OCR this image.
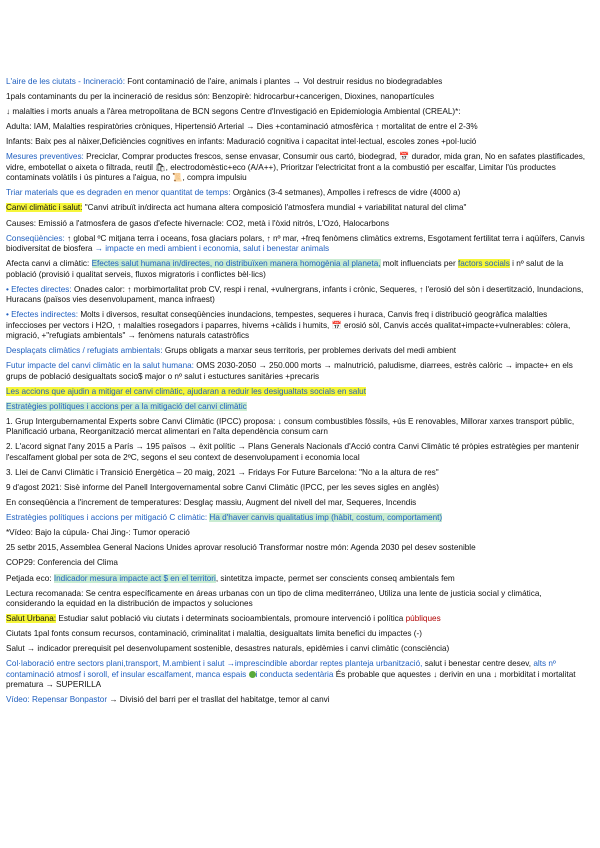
L'aire de les ciutats - Incineració: Font contaminació de l'aire, animals i plantes → Vol destruir residus no biodegradables

1pals contaminants du per la incineració de residus són: Benzopirè: hidrocarbur+cancerigen, Dioxines, nanopartícules

↓ malalties i morts anuals a l'àrea metropolitana de BCN segons Centre d'Investigació en Epidemiologia Ambiental (CREAL)*:

Adulta: IAM, Malalties respiratòries cròniques, Hipertensió Arterial → Dies +contaminació atmosfèrica ↑ mortalitat de entre el 2-3%

Infants: Baix pes al nàixer,Deficiències cognitives en infants: Maduració cognitiva i capacitat intel·lectual, escoles zones +pol·lució

Mesures preventives: Preciclar, Comprar productes frescos, sense envasar, Consumir ous cartó, biodegrad, 📅 durador, mida gran, No en safates plastificades, vidre, embotellat o aixeta o filtrada, reutil 🛍, electrodomèstic+eco (A/A++), Prioritzar l'electricitat front a la combustió per escalfar, Limitar l'ús productes contaminats volàtils i ús pintures a l'aigua, no 📜, compra impulsiu

Triar materials que es degraden en menor quantitat de temps: Orgànics (3-4 setmanes), Ampolles i refrescs de vidre (4000 a)

Canvi climàtic i salut: "Canvi atribuït in/directa act humana altera composició l'atmosfera mundial + variabilitat natural del clima"

Causes: Emissió a l'atmosfera de gasos d'efecte hivernacle: CO2, metà i l'òxid nitrós, L'Ozó, Halocarbons

Conseqüències: ↑ global ºC mitjana terra i oceans, fosa glaciars polars, ↑ nº mar, +freq fenòmens climàtics extrems, Esgotament fertilitat terra i aqüífers, Canvis biodiversitat de biosfera → impacte en medi ambient i economia, salut i benestar animals

Afecta canvi a climàtic: Efectes salut humana in/directes, no distribuïxen manera homogènia al planeta, molt influenciats per factors socials i nº salut de la població (provisió i qualitat serveis, fluxos migratoris i conflictes bèl·lics)

• Efectes directes: Onades calor: ↑ morbimortalitat prob CV, respi i renal, +vulnergrans, infants i crònic, Sequeres, ↑ l'erosió del sòn i desertització, Inundacions, Huracans (països vies desenvolupament, manca infraest)

• Efectes indirectes: Molts i diversos, resultat conseqüències inundacions, tempestes, sequeres i huraca, Canvis freq i distribució geogràfica malalties infeccioses per vectors i H2O, ↑ malalties rosegadors i paparres, hiverns +càlids i humits, 📅 erosió sòl, Canvis accés qualitat+impacte+vulnerables: còlera, migració, +"refugiats ambientals" → fenòmens naturals catastròfics

Desplaçats climàtics / refugiats ambientals: Grups obligats a marxar seus territoris, per problemes derivats del medi ambient

Futur impacte del canvi climàtic en la salut humana: OMS 2030-2050 → 250.000 morts → malnutrició, paludisme, diarrees, estrès calòric → impacte+ en els grups de població desigualtats socio$ major o nº salut i estuctures sanitàries +precaris

Les accions que ajudin a mitigar el canvi climàtic, ajudaran a reduir les desigualtats socials en salut

Estratègies polítiques i accions per a la mitigació del canvi climàtic

1. Grup Intergubernamental Experts sobre Canvi Climàtic (IPCC) proposa: ↓ consum combustibles fòssils, +ús E renovables, Millorar xarxes transport públic, Planificació urbana, Reorganització mercat alimentari en l'alta dependència consum carn

2. L'acord signat l'any 2015 a París → 195 països → èxit polític → Plans Generals Nacionals d'Acció contra Canvi Climàtic té pròpies estratègies per mantenir l'escalfament global per sota de 2ºC, segons el seu context de desenvolupament i economia local

3. Llei de Canvi Climàtic i Transició Energètica – 20 maig, 2021 → Fridays For Future Barcelona: "No a la altura de res"

9 d'agost 2021: Sisè informe del Panell Intergovernamental sobre Canvi Climàtic (IPCC, per les seves sigles en anglès)

En conseqüència a l'increment de temperatures: Desglaç massiu, Augment del nivell del mar, Sequeres, Incendis

Estratègies polítiques i accions per mitigació C climàtic: Ha d'haver canvis qualitatius imp (hàbit, costum, comportament)

*Vídeo: Bajo la cúpula- Chai Jing-: Tumor operació

25 setbr 2015, Assemblea General Nacions Unides aprovar resolució Transformar nostre món: Agenda 2030 pel desev sostenible

COP29: Conferencia del Clima

Petjada eco: Indicador mesura impacte act $ en el territori, sintetitza impacte, permet ser conscients conseq ambientals fem

Lectura recomanada: Se centra específicamente en áreas urbanas con un tipo de clima mediterráneo, Utiliza una lente de justicia social y climática, considerando la equidad en la distribución de impactos y soluciones

Salut Urbana: Estudiar salut població viu ciutats i determinats socioambientals, promoure intervenció i política públiques

Ciutats 1pal fonts consum recursos, contaminació, criminalitat i malaltia, desigualtats limita benefici du impactes (-)

Salut → indicador prerequisit pel desenvolupament sostenible, desastres naturals, epidèmies i canvi climàtic (consciència)

Col·laboració entre sectors plani,transport, M.ambient i salut →imprescindible abordar reptes planteja urbanització, salut i benestar centre desev, alts nº contaminació atmosf i soroll, ef insular escalfament, manca espais i conducta sedentària És probable que aquestes ↓ derivin en una ↓ morbiditat i mortalitat prematura → SUPERILLA

Vídeo: Repensar Bonpastor → Divisió del barri per el trasllat del habitatge, temor al canvi
